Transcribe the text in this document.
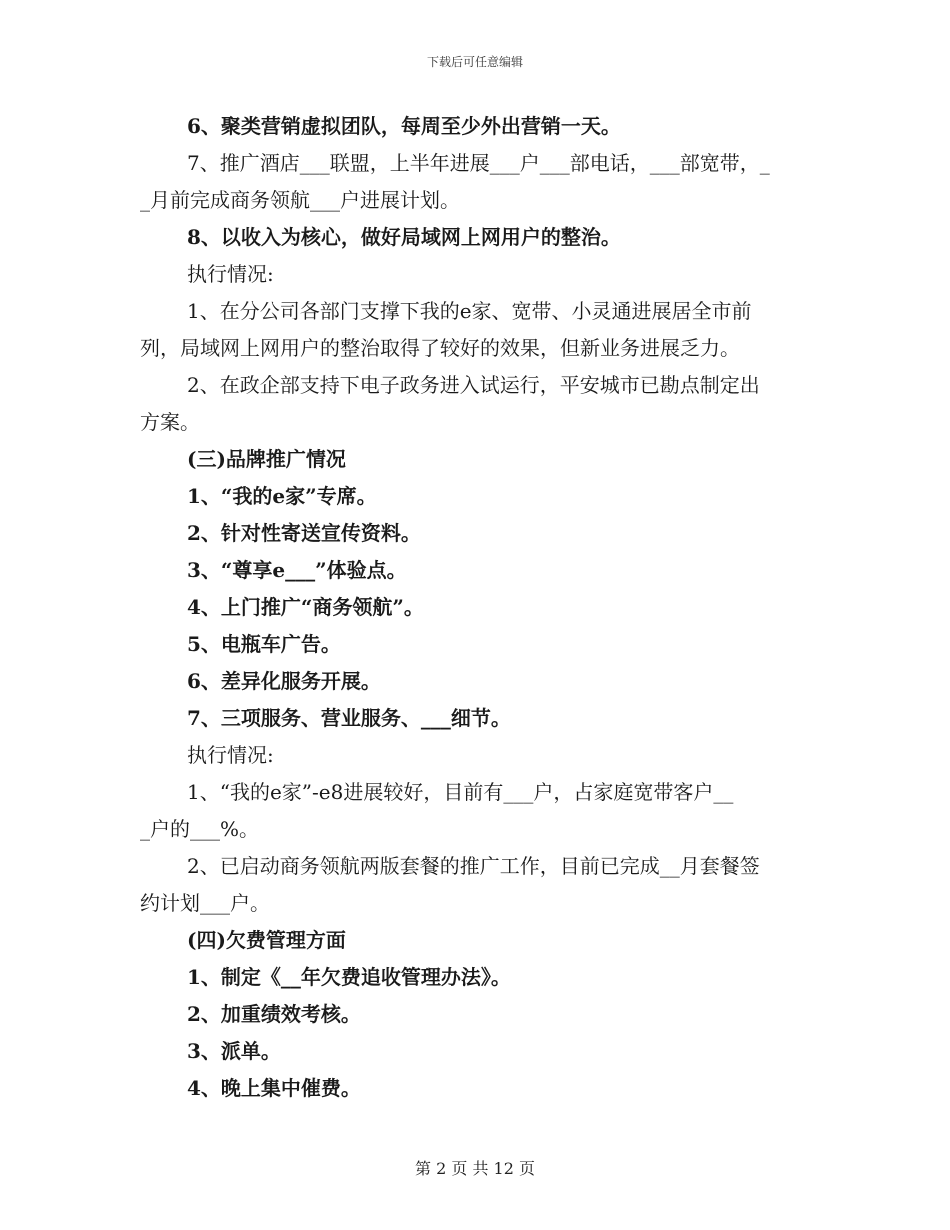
下载后可任意编辑
6、聚类营销虚拟团队，每周至少外出营销一天。
7、推广酒店___联盟，上半年进展___户___部电话，___部宽带，_
_月前完成商务领航___户进展计划。
8、以收入为核心，做好局域网上网用户的整治。
执行情况:
1、在分公司各部门支撑下我的e家、宽带、小灵通进展居全市前
列，局域网上网用户的整治取得了较好的效果，但新业务进展乏力。
2、在政企部支持下电子政务进入试运行，平安城市已勘点制定出
方案。
(三)品牌推广情况
1、“我的e家”专席。
2、针对性寄送宣传资料。
3、“尊享e___”体验点。
4、上门推广“商务领航”。
5、电瓶车广告。
6、差异化服务开展。
7、三项服务、营业服务、___细节。
执行情况:
1、“我的e家”-e8进展较好，目前有___户，占家庭宽带客户__
_户的___%。
2、已启动商务领航两版套餐的推广工作，目前已完成__月套餐签
约计划___户。
(四)欠费管理方面
1、制定《__年欠费追收管理办法》。
2、加重绩效考核。
3、派单。
4、晚上集中催费。
第 2 页 共 12 页
